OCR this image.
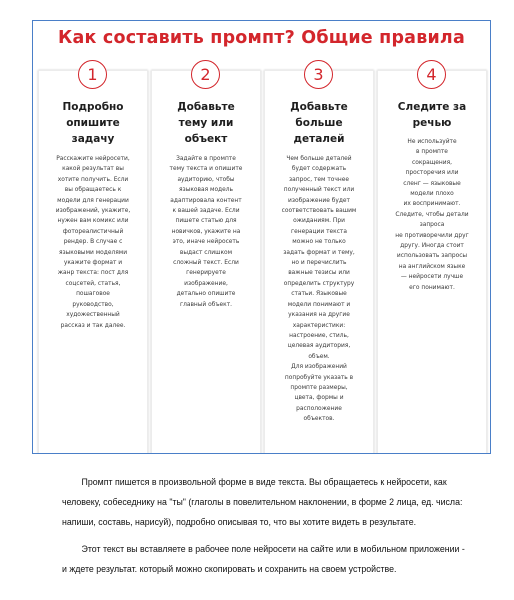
Как составить промпт? Общие правила
1
Подробно
опишите
задачу
Расскажите нейросети,
какой результат вы
хотите получить. Если
вы обращаетесь к
модели для генерации
изображений, укажите,
нужен вам комикс или
фотореалистичный
рендер. В случае с
языковыми моделями
укажите формат и
жанр текста: пост для
соцсетей, статья,
пошаговое
руководство,
художественный
рассказ и так далее.
2
Добавьте
тему или
объект
Задайте в промпте
тему текста и опишите
аудиторию, чтобы
языковая модель
адаптировала контент
к вашей задаче. Если
пишете статью для
новичков, укажите на
это, иначе нейросеть
выдаст слишком
сложный текст. Если
генерируете
изображение,
детально опишите
главный объект.
3
Добавьте
больше
деталей
Чем больше деталей
будет содержать
запрос, тем точнее
полученный текст или
изображение будет
соответствовать вашим
ожиданиям. При
генерации текста
можно не только
задать формат и тему,
но и перечислить
важные тезисы или
определить структуру
статьи. Языковые
модели понимают и
указания на другие
характеристики:
настроение, стиль,
целевая аудитория,
объем.
Для изображений
попробуйте указать в
промпте размеры,
цвета, формы и
расположение
объектов.
4
Следите за
речью
Не используйте
в промпте
сокращения,
просторечия или
сленг — языковые
модели плохо
их воспринимают.
Следите, чтобы детали
запроса
не противоречили друг
другу. Иногда стоит
использовать запросы
на английском языке
— нейросети лучше
его понимают.
Промпт пишется в произвольной форме в виде текста. Вы обращаетесь к нейросети, как
человеку, собеседнику на "ты" (глаголы в повелительном наклонении, в форме 2 лица, ед. числа:
напиши, составь, нарисуй), подробно описывая то, что вы хотите видеть в результате.
Этот текст вы вставляете в рабочее поле нейросети на сайте или в мобильном приложении -
и ждете результат. который можно скопировать и сохранить на своем устройстве.
